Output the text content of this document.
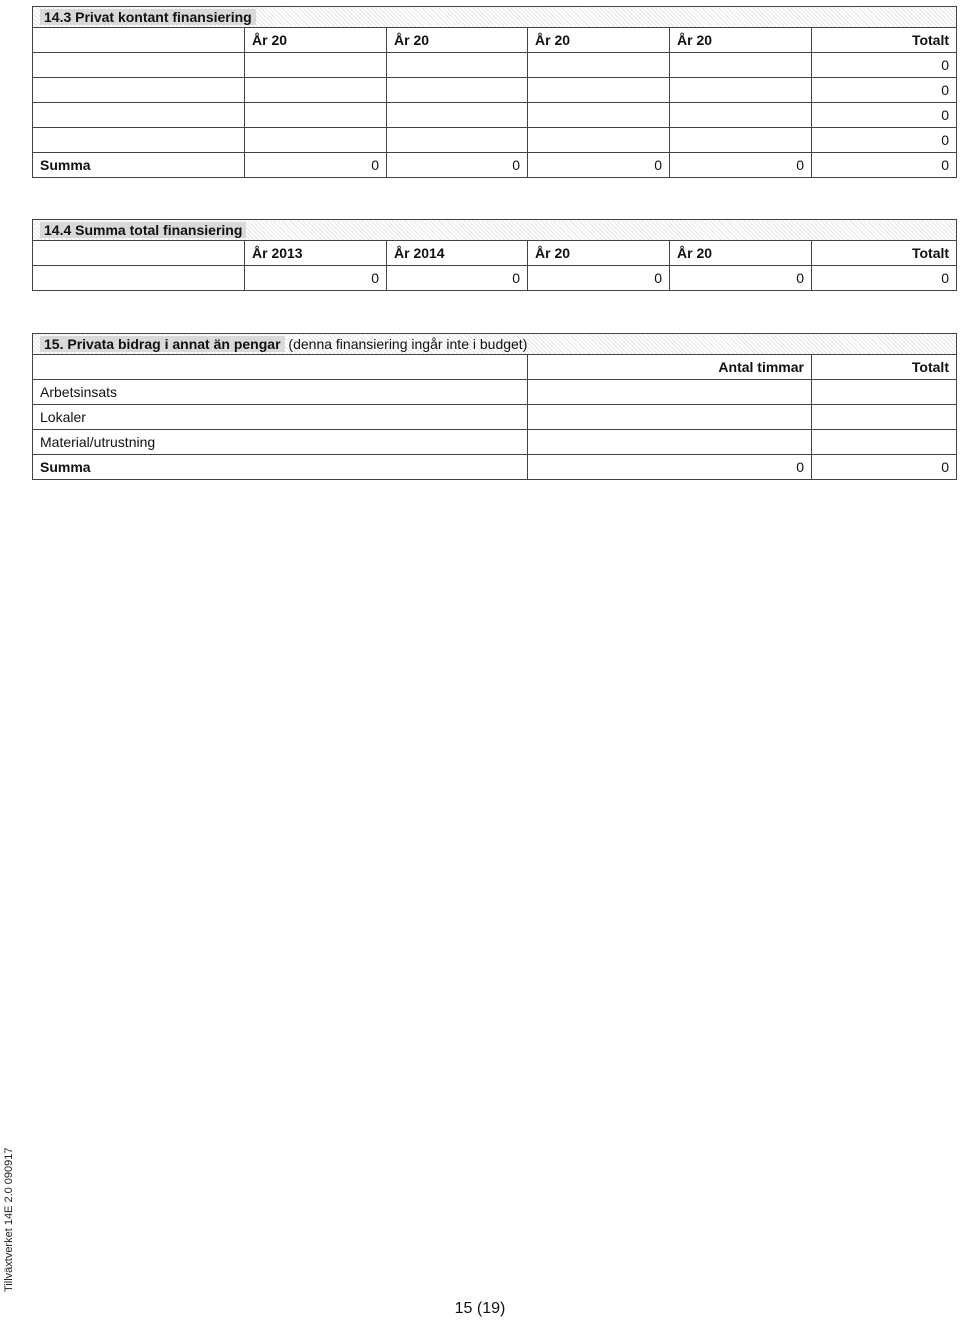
14.3 Privat kontant finansiering					
	År 20	År 20	År 20	År 20	Totalt
					0
					0
					0
					0
Summa	0	0	0	0	0
14.4 Summa total finansiering					
	År 2013	År 2014	År 20	År 20	Totalt
	0	0	0	0	0
15. Privata bidrag i annat än pengar (denna finansiering ingår inte i budget)		
	Antal timmar	Totalt
Arbetsinsats		
Lokaler		
Material/utrustning		
Summa	0	0
Tillväxtverket 14E 2.0 090917
15 (19)
